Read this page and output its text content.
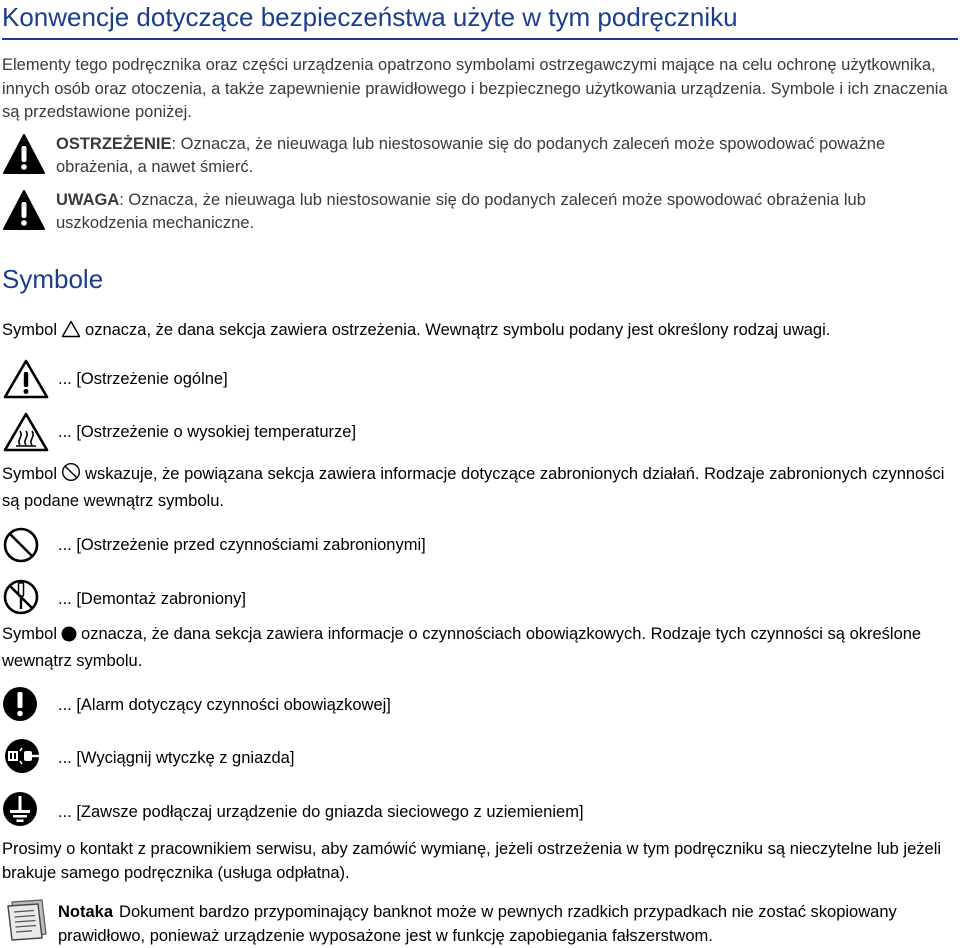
Konwencje dotyczące bezpieczeństwa użyte w tym podręczniku
Elementy tego podręcznika oraz części urządzenia opatrzono symbolami ostrzegawczymi mające na celu ochronę użytkownika, innych osób oraz otoczenia, a także zapewnienie prawidłowego i bezpiecznego użytkowania urządzenia. Symbole i ich znaczenia są przedstawione poniżej.
OSTRZEŻENIE: Oznacza, że nieuwaga lub niestosowanie się do podanych zaleceń może spowodować poważne obrażenia, a nawet śmierć.
UWAGA: Oznacza, że nieuwaga lub niestosowanie się do podanych zaleceń może spowodować obrażenia lub uszkodzenia mechaniczne.
Symbole
Symbol oznacza, że dana sekcja zawiera ostrzeżenia. Wewnątrz symbolu podany jest określony rodzaj uwagi.
... [Ostrzeżenie ogólne]
... [Ostrzeżenie o wysokiej temperaturze]
Symbol wskazuje, że powiązana sekcja zawiera informacje dotyczące zabronionych działań. Rodzaje zabronionych czynności są podane wewnątrz symbolu.
... [Ostrzeżenie przed czynnościami zabronionymi]
... [Demontaż zabroniony]
Symbol oznacza, że dana sekcja zawiera informacje o czynnościach obowiązkowych. Rodzaje tych czynności są określone wewnątrz symbolu.
... [Alarm dotyczący czynności obowiązkowej]
... [Wyciągnij wtyczkę z gniazda]
... [Zawsze podłączaj urządzenie do gniazda sieciowego z uziemieniem]
Prosimy o kontakt z pracownikiem serwisu, aby zamówić wymianę, jeżeli ostrzeżenia w tym podręczniku są nieczytelne lub jeżeli brakuje samego podręcznika (usługa odpłatna).
Notaka Dokument bardzo przypominający banknot może w pewnych rzadkich przypadkach nie zostać skopiowany prawidłowo, ponieważ urządzenie wyposażone jest w funkcję zapobiegania fałszerstwom.
